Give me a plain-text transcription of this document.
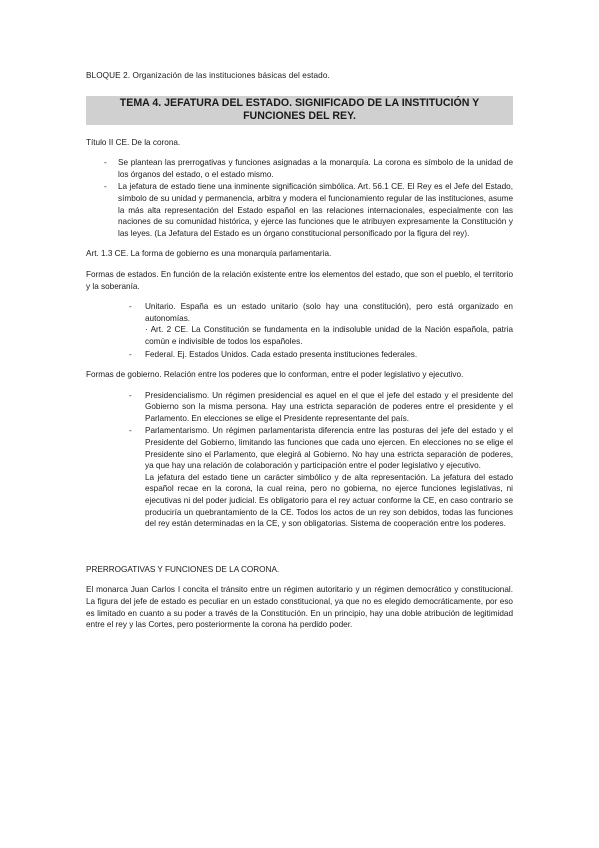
BLOQUE 2. Organización de las instituciones básicas del estado.
TEMA 4. JEFATURA DEL ESTADO. SIGNIFICADO DE LA INSTITUCIÓN Y FUNCIONES DEL REY.

Título II CE. De la corona.

- Se plantean las prerrogativas y funciones asignadas a la monarquía. La corona es símbolo de la unidad de los órganos del estado, o el estado mismo.
- La jefatura de estado tiene una inminente significación simbólica. Art. 56.1 CE. El Rey es el Jefe del Estado, símbolo de su unidad y permanencia, arbitra y modera el funcionamiento regular de las instituciones, asume la más alta representación del Estado español en las relaciones internacionales, especialmente con las naciones de su comunidad histórica, y ejerce las funciones que le atribuyen expresamente la Constitución y las leyes. (La Jefatura del Estado es un órgano constitucional personificado por la figura del rey).

Art. 1.3 CE. La forma de gobierno es una monarquía parlamentaria.

Formas de estados. En función de la relación existente entre los elementos del estado, que son el pueblo, el territorio y la soberanía.

- Unitario. España es un estado unitario (solo hay una constitución), pero está organizado en autonomías.
· Art. 2 CE. La Constitución se fundamenta en la indisoluble unidad de la Nación española, patria común e indivisible de todos los españoles.
- Federal. Ej. Estados Unidos. Cada estado presenta instituciones federales.

Formas de gobierno. Relación entre los poderes que lo conforman, entre el poder legislativo y ejecutivo.

- Presidencialismo. Un régimen presidencial es aquel en el que el jefe del estado y el presidente del Gobierno son la misma persona. Hay una estricta separación de poderes entre el presidente y el Parlamento. En elecciones se elige el Presidente representante del país.
- Parlamentarismo. Un régimen parlamentarista diferencia entre las posturas del jefe del estado y el Presidente del Gobierno, limitando las funciones que cada uno ejercen. En elecciones no se elige el Presidente sino el Parlamento, que elegirá al Gobierno. No hay una estricta separación de poderes, ya que hay una relación de colaboración y participación entre el poder legislativo y ejecutivo.
La jefatura del estado tiene un carácter simbólico y de alta representación. La jefatura del estado español recae en la corona, la cual reina, pero no gobierna, no ejerce funciones legislativas, ni ejecutivas ni del poder judicial. Es obligatorio para el rey actuar conforme la CE, en caso contrario se produciría un quebrantamiento de la CE. Todos los actos de un rey son debidos, todas las funciones del rey están determinadas en la CE, y son obligatorias. Sistema de cooperación entre los poderes.

PRERROGATIVAS Y FUNCIONES DE LA CORONA.

El monarca Juan Carlos I concita el tránsito entre un régimen autoritario y un régimen democrático y constitucional. La figura del jefe de estado es peculiar en un estado constitucional, ya que no es elegido democráticamente, por eso es limitado en cuanto a su poder a través de la Constitución. En un principio, hay una doble atribución de legitimidad entre el rey y las Cortes, pero posteriormente la corona ha perdido poder.
